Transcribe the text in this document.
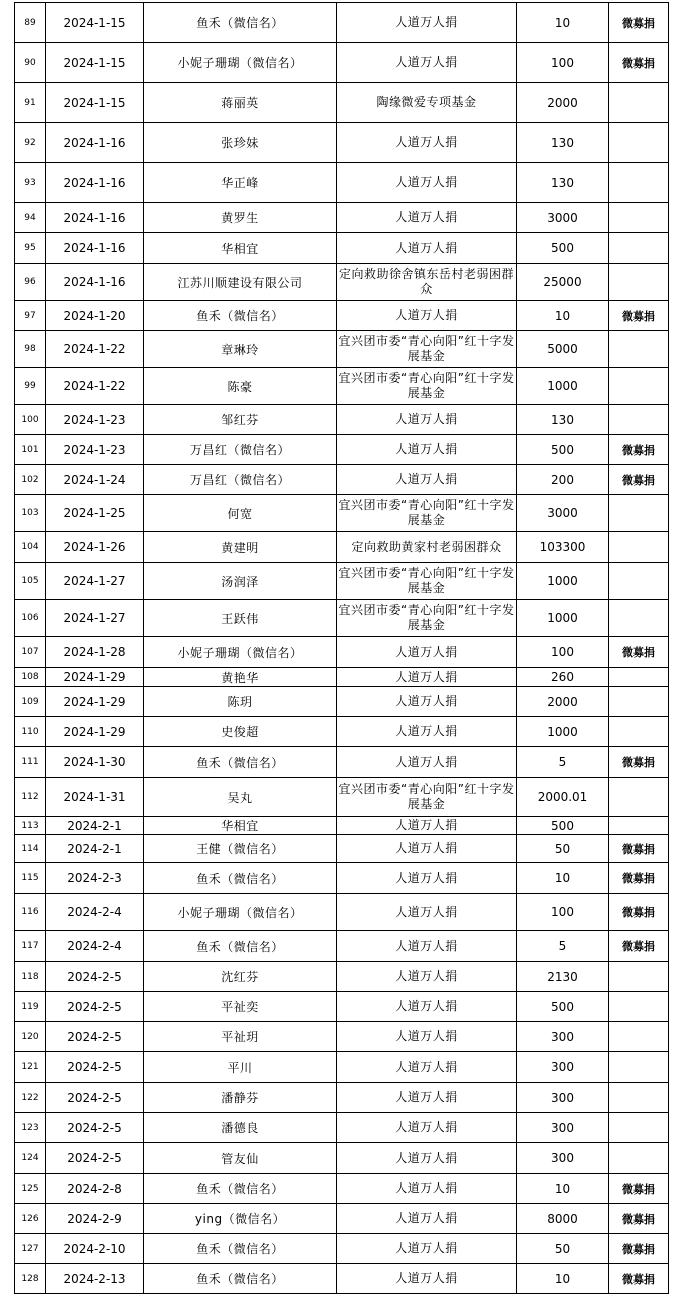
89	2024-1-15	鱼禾（微信名）	人道万人捐	10	微募捐
90	2024-1-15	小妮子珊瑚（微信名）	人道万人捐	100	微募捐
91	2024-1-15	蒋丽英	陶缘微爱专项基金	2000	
92	2024-1-16	张珍妹	人道万人捐	130	
93	2024-1-16	华正峰	人道万人捐	130	
94	2024-1-16	黄罗生	人道万人捐	3000	
95	2024-1-16	华相宜	人道万人捐	500	
96	2024-1-16	江苏川顺建设有限公司	定向救助徐舍镇东岳村老弱困群众	25000	
97	2024-1-20	鱼禾（微信名）	人道万人捐	10	微募捐
98	2024-1-22	章琳玲	宜兴团市委“青心向阳”红十字发展基金	5000	
99	2024-1-22	陈豪	宜兴团市委“青心向阳”红十字发展基金	1000	
100	2024-1-23	邹红芬	人道万人捐	130	
101	2024-1-23	万昌红（微信名）	人道万人捐	500	微募捐
102	2024-1-24	万昌红（微信名）	人道万人捐	200	微募捐
103	2024-1-25	何宽	宜兴团市委“青心向阳”红十字发展基金	3000	
104	2024-1-26	黄建明	定向救助黄家村老弱困群众	103300	
105	2024-1-27	汤润泽	宜兴团市委“青心向阳”红十字发展基金	1000	
106	2024-1-27	王跃伟	宜兴团市委“青心向阳”红十字发展基金	1000	
107	2024-1-28	小妮子珊瑚（微信名）	人道万人捐	100	微募捐
108	2024-1-29	黄艳华	人道万人捐	260	
109	2024-1-29	陈玥	人道万人捐	2000	
110	2024-1-29	史俊超	人道万人捐	1000	
111	2024-1-30	鱼禾（微信名）	人道万人捐	5	微募捐
112	2024-1-31	吴丸	宜兴团市委“青心向阳”红十字发展基金	2000.01	
113	2024-2-1	华相宜	人道万人捐	500	
114	2024-2-1	王健（微信名）	人道万人捐	50	微募捐
115	2024-2-3	鱼禾（微信名）	人道万人捐	10	微募捐
116	2024-2-4	小妮子珊瑚（微信名）	人道万人捐	100	微募捐
117	2024-2-4	鱼禾（微信名）	人道万人捐	5	微募捐
118	2024-2-5	沈红芬	人道万人捐	2130	
119	2024-2-5	平祉奕	人道万人捐	500	
120	2024-2-5	平祉玥	人道万人捐	300	
121	2024-2-5	平川	人道万人捐	300	
122	2024-2-5	潘静芬	人道万人捐	300	
123	2024-2-5	潘德良	人道万人捐	300	
124	2024-2-5	管友仙	人道万人捐	300	
125	2024-2-8	鱼禾（微信名）	人道万人捐	10	微募捐
126	2024-2-9	ying（微信名）	人道万人捐	8000	微募捐
127	2024-2-10	鱼禾（微信名）	人道万人捐	50	微募捐
128	2024-2-13	鱼禾（微信名）	人道万人捐	10	微募捐
